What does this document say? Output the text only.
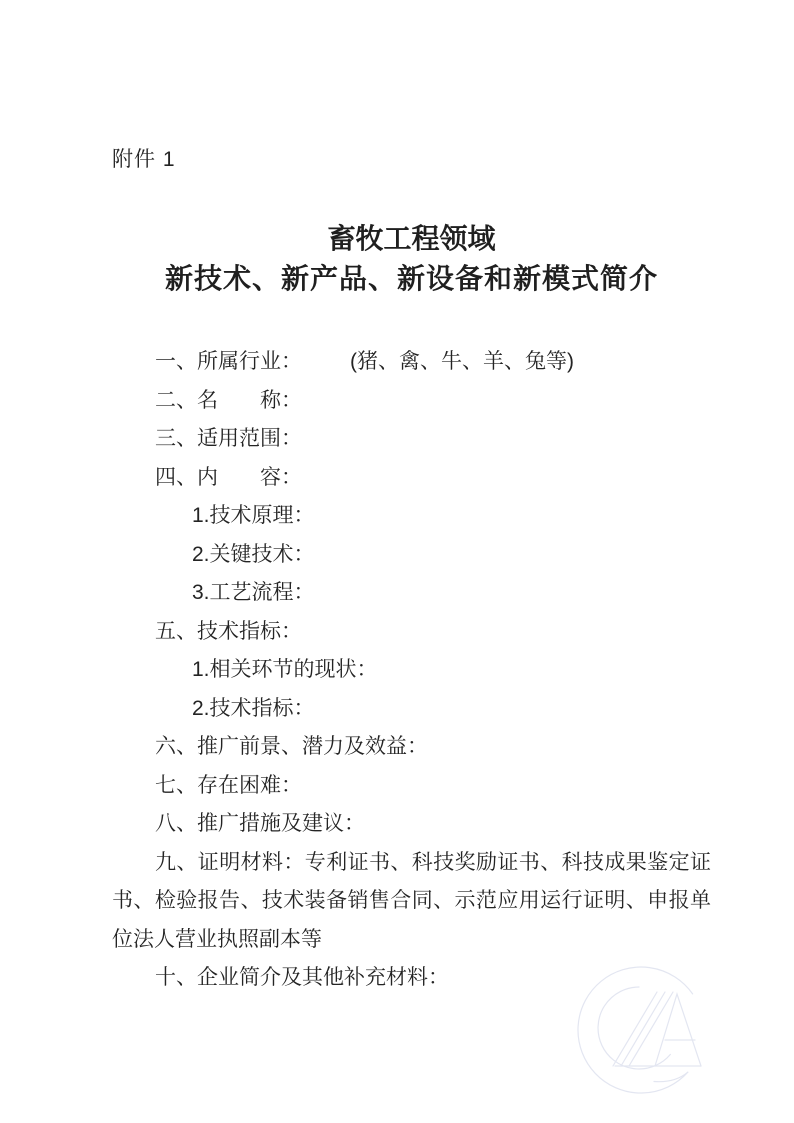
附件 1
畜牧工程领域
新技术、新产品、新设备和新模式简介
一、所属行业： (猪、禽、牛、羊、兔等)
二、名　　称：
三、适用范围：
四、内　　容：
1.技术原理：
2.关键技术：
3.工艺流程：
五、技术指标：
1.相关环节的现状：
2.技术指标：
六、推广前景、潜力及效益：
七、存在困难：
八、推广措施及建议：

九、证明材料：专利证书、科技奖励证书、科技成果鉴定证书、检验报告、技术装备销售合同、示范应用运行证明、申报单位法人营业执照副本等

十、企业简介及其他补充材料：
